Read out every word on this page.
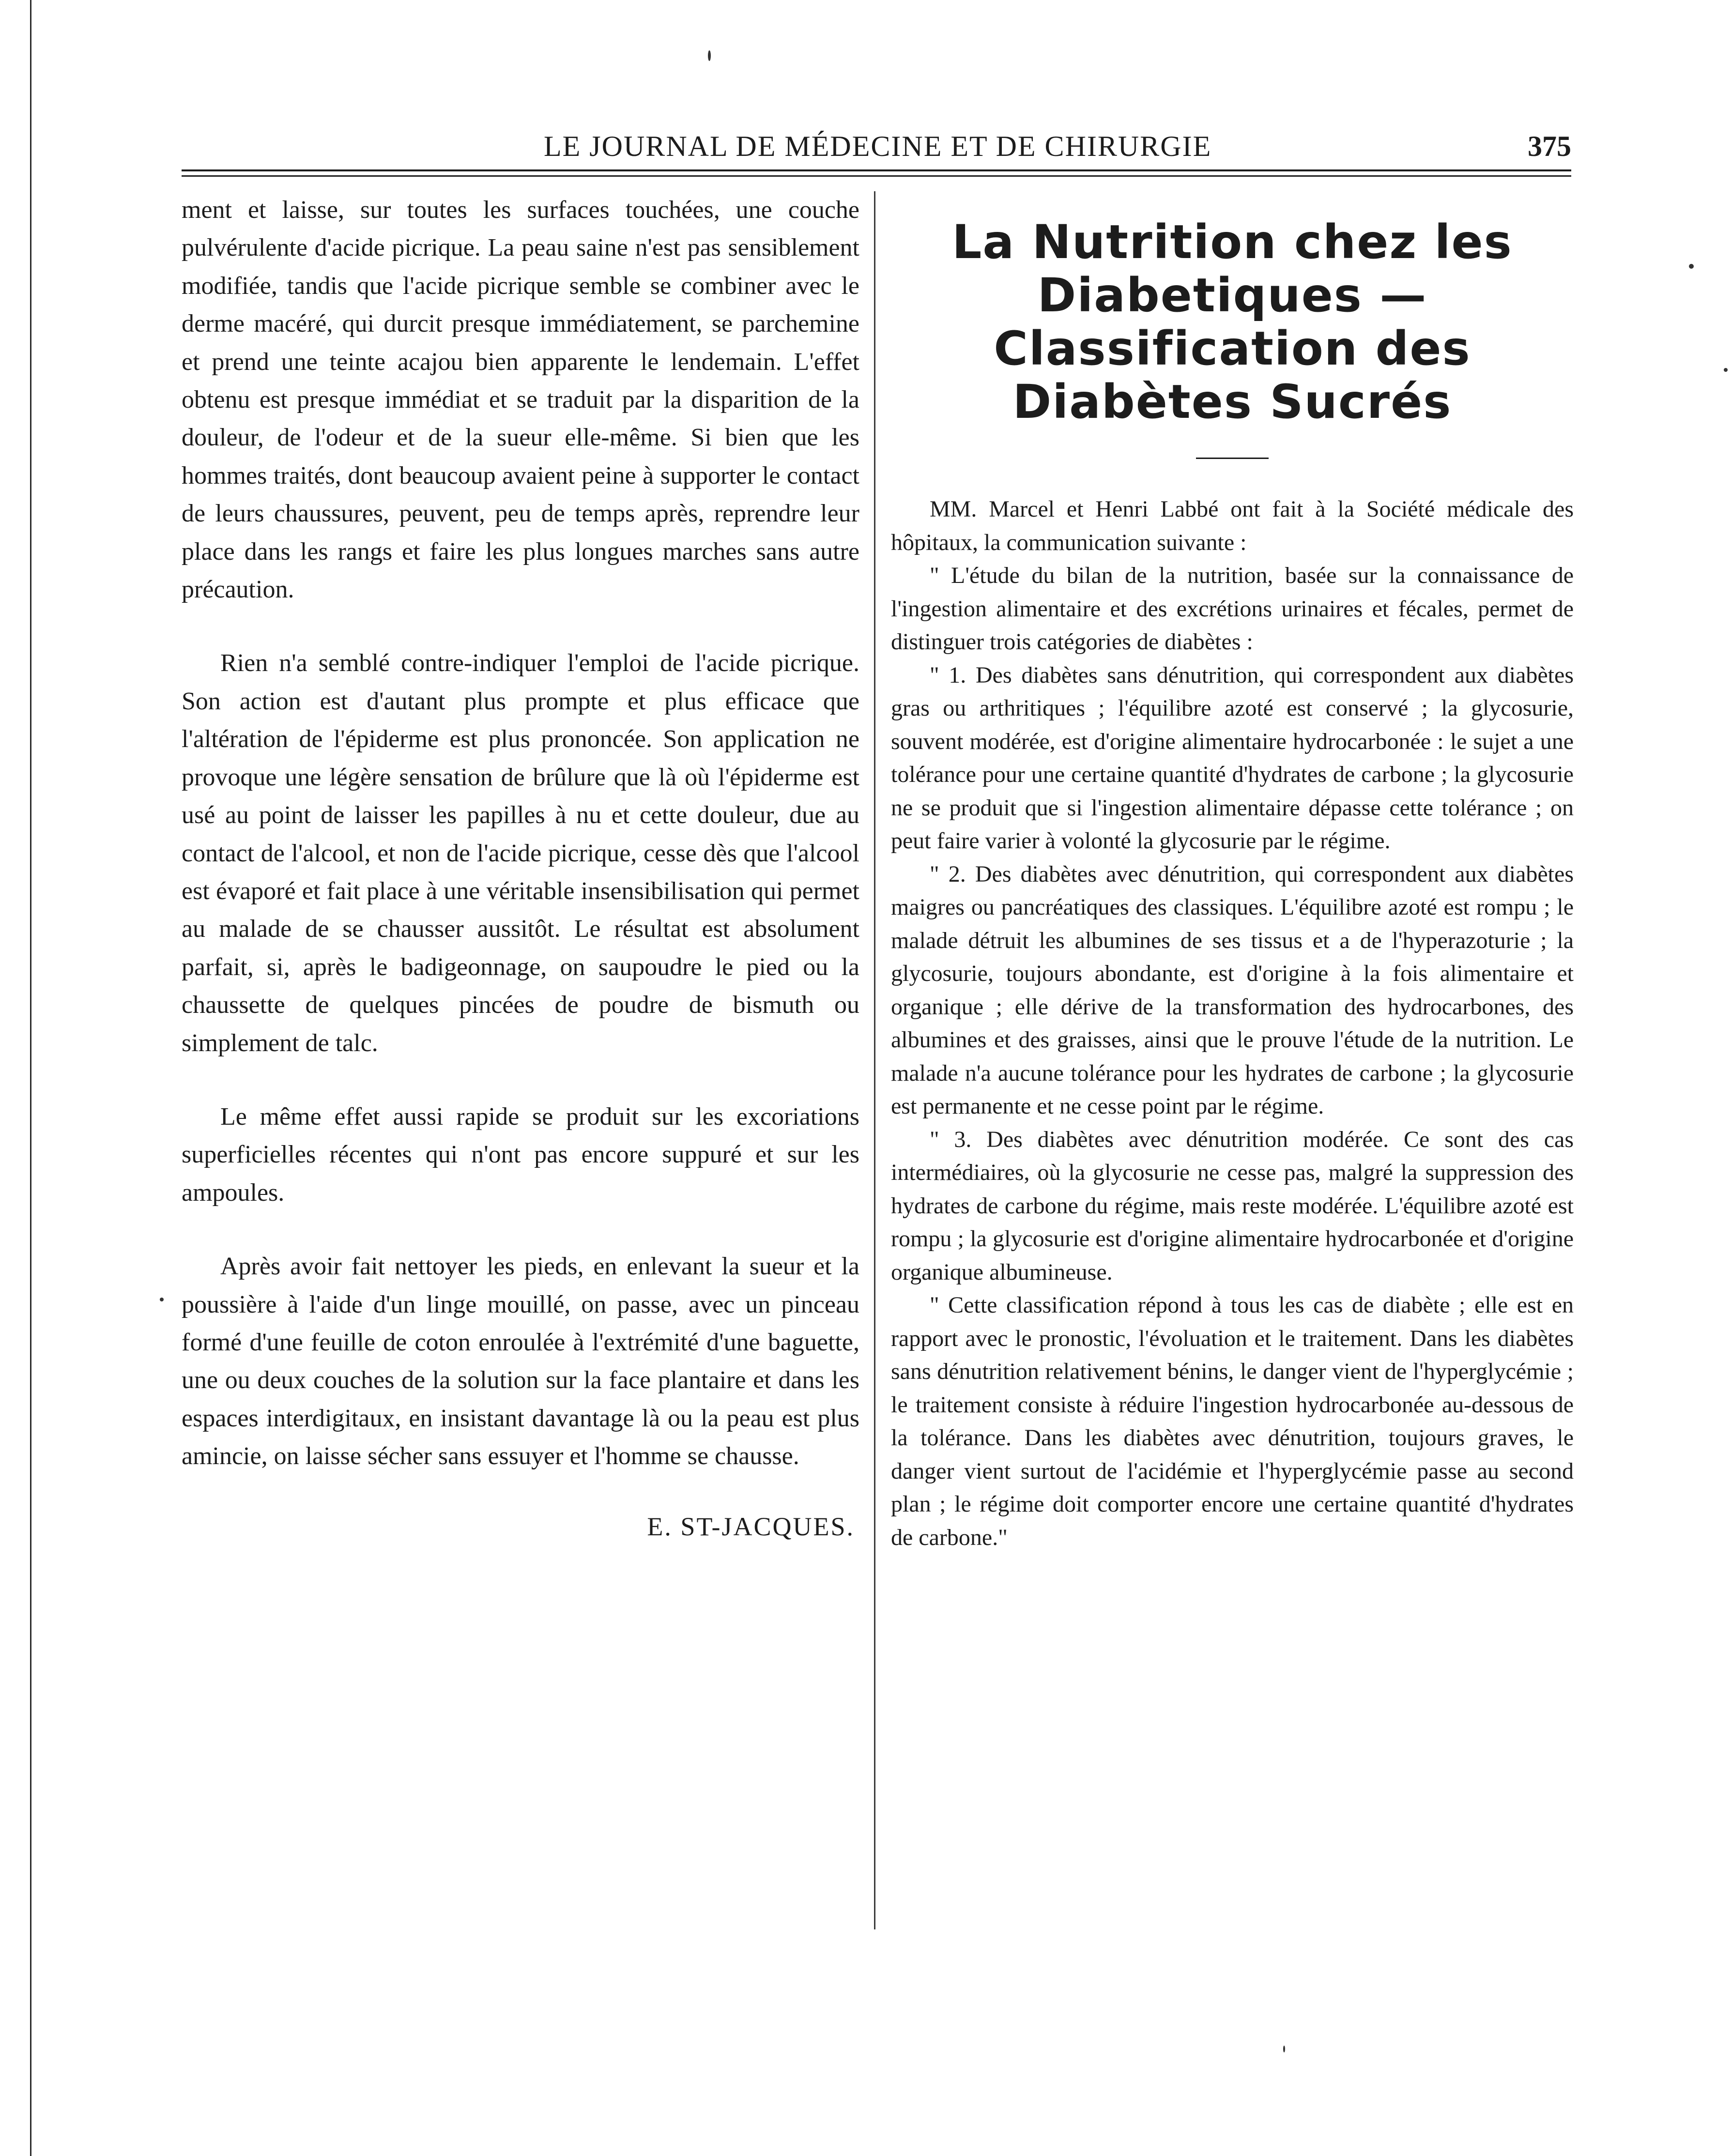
LE JOURNAL DE MÉDECINE ET DE CHIRURGIE	375

ment et laisse, sur toutes les surfaces touchées, une couche pulvérulente d'acide picrique. La peau saine n'est pas sensiblement modifiée, tandis que l'acide picrique semble se combiner avec le derme macéré, qui durcit presque immédiatement, se parchemine et prend une teinte acajou bien apparente le lendemain. L'effet obtenu est presque immédiat et se traduit par la disparition de la douleur, de l'odeur et de la sueur elle-même. Si bien que les hommes traités, dont beaucoup avaient peine à supporter le contact de leurs chaussures, peuvent, peu de temps après, reprendre leur place dans les rangs et faire les plus longues marches sans autre précaution.

Rien n'a semblé contre-indiquer l'emploi de l'acide picrique. Son action est d'autant plus prompte et plus efficace que l'altération de l'épiderme est plus prononcée. Son application ne provoque une légère sensation de brûlure que là où l'épiderme est usé au point de laisser les papilles à nu et cette douleur, due au contact de l'alcool, et non de l'acide picrique, cesse dès que l'alcool est évaporé et fait place à une véritable insensibilisation qui permet au malade de se chausser aussitôt. Le résultat est absolument parfait, si, après le badigeonnage, on saupoudre le pied ou la chaussette de quelques pincées de poudre de bismuth ou simplement de talc.

Le même effet aussi rapide se produit sur les excoriations superficielles récentes qui n'ont pas encore suppuré et sur les ampoules.

Après avoir fait nettoyer les pieds, en enlevant la sueur et la poussière à l'aide d'un linge mouillé, on passe, avec un pinceau formé d'une feuille de coton enroulée à l'extrémité d'une baguette, une ou deux couches de la solution sur la face plantaire et dans les espaces interdigitaux, en insistant davantage là ou la peau est plus amincie, on laisse sécher sans essuyer et l'homme se chausse.

E. ST-JACQUES.

La Nutrition chez les Diabetiques — Classification des Diabètes Sucrés

MM. Marcel et Henri Labbé ont fait à la Société médicale des hôpitaux, la communication suivante :

" L'étude du bilan de la nutrition, basée sur la connaissance de l'ingestion alimentaire et des excrétions urinaires et fécales, permet de distinguer trois catégories de diabètes :

" 1. Des diabètes sans dénutrition, qui correspondent aux diabètes gras ou arthritiques ; l'équilibre azoté est conservé ; la glycosurie, souvent modérée, est d'origine alimentaire hydrocarbonée : le sujet a une tolérance pour une certaine quantité d'hydrates de carbone ; la glycosurie ne se produit que si l'ingestion alimentaire dépasse cette tolérance ; on peut faire varier à volonté la glycosurie par le régime.

" 2. Des diabètes avec dénutrition, qui correspondent aux diabètes maigres ou pancréatiques des classiques. L'équilibre azoté est rompu ; le malade détruit les albumines de ses tissus et a de l'hyperazoturie ; la glycosurie, toujours abondante, est d'origine à la fois alimentaire et organique ; elle dérive de la transformation des hydrocarbones, des albumines et des graisses, ainsi que le prouve l'étude de la nutrition. Le malade n'a aucune tolérance pour les hydrates de carbone ; la glycosurie est permanente et ne cesse point par le régime.

" 3. Des diabètes avec dénutrition modérée. Ce sont des cas intermédiaires, où la glycosurie ne cesse pas, malgré la suppression des hydrates de carbone du régime, mais reste modérée. L'équilibre azoté est rompu ; la glycosurie est d'origine alimentaire hydrocarbonée et d'origine organique albumineuse.

" Cette classification répond à tous les cas de diabète ; elle est en rapport avec le pronostic, l'évoluation et le traitement. Dans les diabètes sans dénutrition relativement bénins, le danger vient de l'hyperglycémie ; le traitement consiste à réduire l'ingestion hydrocarbonée au-dessous de la tolérance. Dans les diabètes avec dénutrition, toujours graves, le danger vient surtout de l'acidémie et l'hyperglycémie passe au second plan ; le régime doit comporter encore une certaine quantité d'hydrates de carbone."
